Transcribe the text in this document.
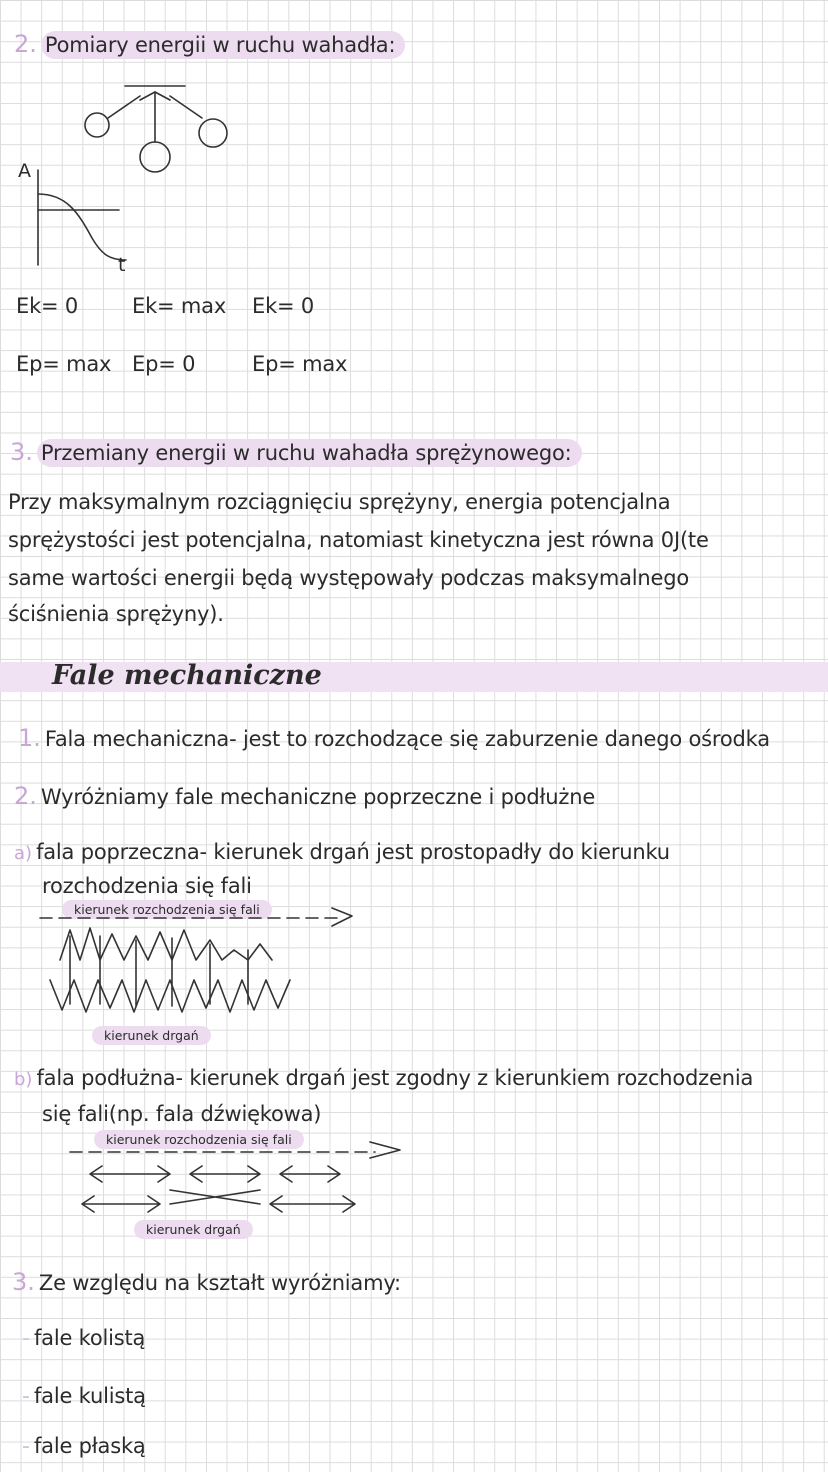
2. Pomiary energii w ruchu wahadła:
A
t
Ek= 0	Ek= max Ek= 0
Ep= max Ep= 0	Ep= max
3. Przemiany energii w ruchu wahadła sprężynowego:
Przy maksymalnym rozciągnięciu sprężyny, energia potencjalna
sprężystości jest potencjalna, natomiast kinetyczna jest równa 0J(te
same wartości energii będą występowały podczas maksymalnego
ściśnienia sprężyny).
Fale mechaniczne
1. Fala mechaniczna- jest to rozchodzące się zaburzenie danego ośrodka
2. Wyróżniamy fale mechaniczne poprzeczne i podłużne
a) fala poprzeczna- kierunek drgań jest prostopadły do kierunku
rozchodzenia się fali
kierunek rozchodzenia się fali
kierunek drgań
b) fala podłużna- kierunek drgań jest zgodny z kierunkiem rozchodzenia
się fali(np. fala dźwiękowa)
kierunek rozchodzenia się fali
kierunek drgań
3. Ze względu na kształt wyróżniamy:
- fale kolistą
- fale kulistą
- fale płaską
